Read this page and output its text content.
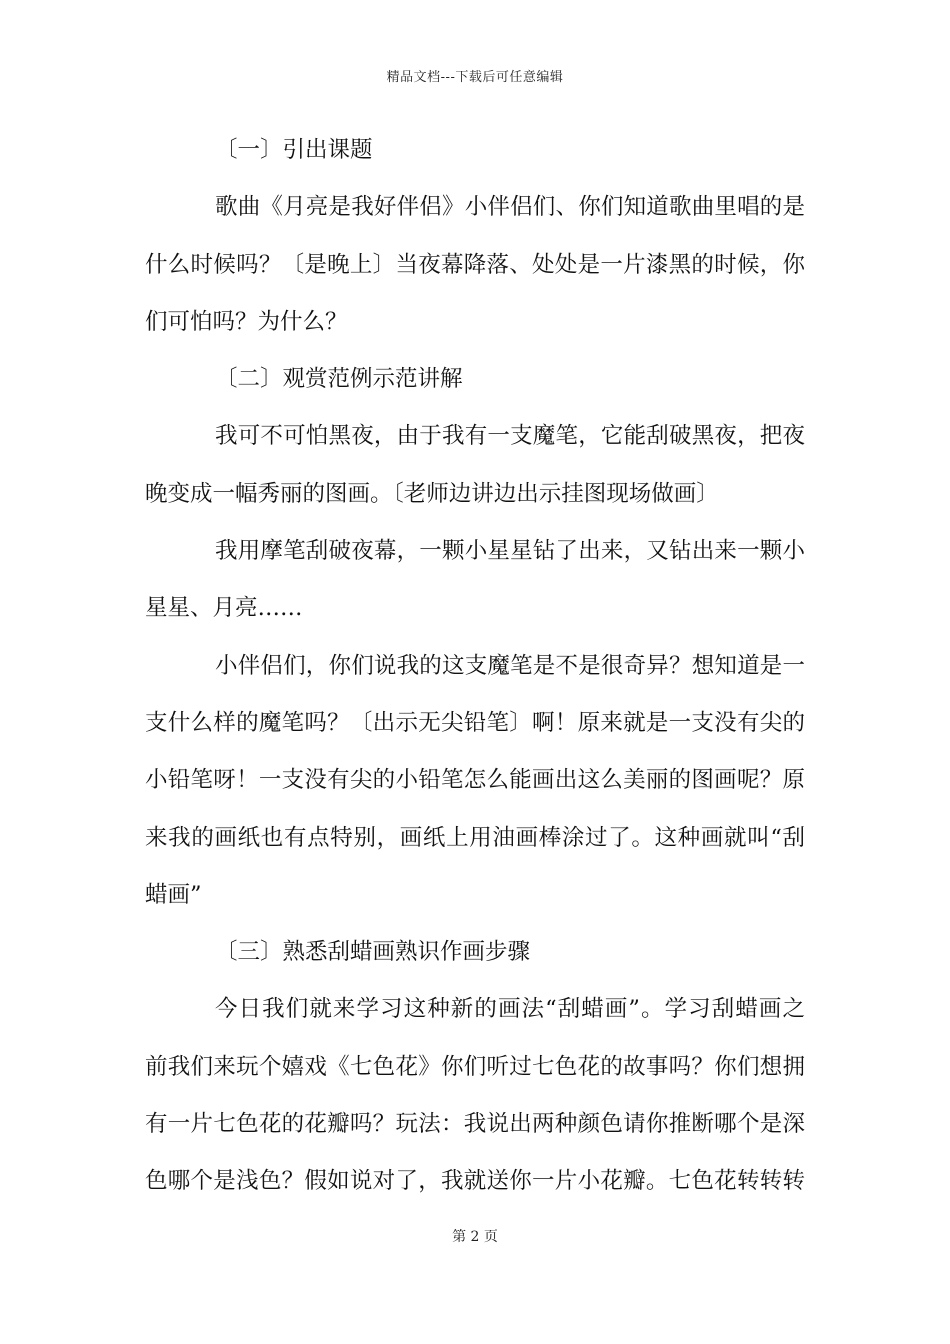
精品文档---下载后可任意编辑
〔一〕引出课题
歌曲《月亮是我好伴侣》小伴侣们、你们知道歌曲里唱的是
什么时候吗？〔是晚上〕当夜幕降落、处处是一片漆黑的时候，你
们可怕吗？为什么？
〔二〕观赏范例示范讲解
我可不可怕黑夜，由于我有一支魔笔，它能刮破黑夜，把夜
晚变成一幅秀丽的图画。〔老师边讲边出示挂图现场做画〕
我用摩笔刮破夜幕，一颗小星星钻了出来，又钻出来一颗小
星星、月亮……
小伴侣们，你们说我的这支魔笔是不是很奇异？想知道是一
支什么样的魔笔吗？〔出示无尖铅笔〕啊！原来就是一支没有尖的
小铅笔呀！一支没有尖的小铅笔怎么能画出这么美丽的图画呢？原
来我的画纸也有点特别，画纸上用油画棒涂过了。这种画就叫“刮
蜡画”
〔三〕熟悉刮蜡画熟识作画步骤
今日我们就来学习这种新的画法“刮蜡画”。学习刮蜡画之
前我们来玩个嬉戏《七色花》你们听过七色花的故事吗？你们想拥
有一片七色花的花瓣吗？玩法：我说出两种颜色请你推断哪个是深
色哪个是浅色？假如说对了，我就送你一片小花瓣。七色花转转转
第 2 页
